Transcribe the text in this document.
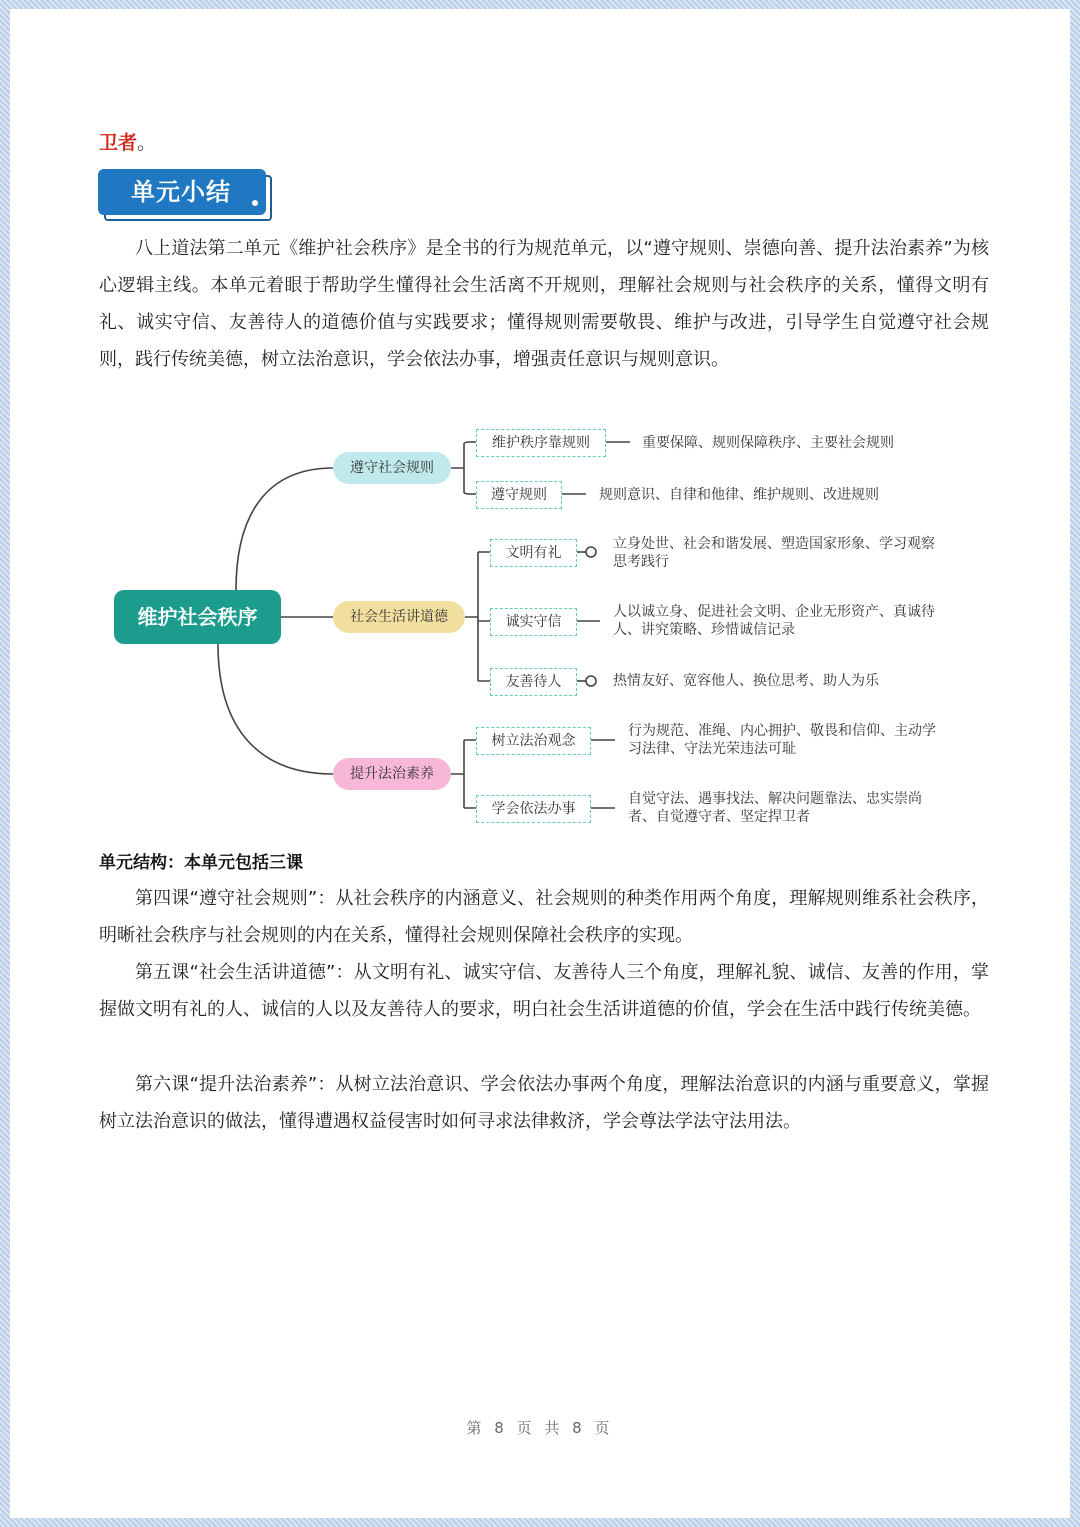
卫者。
单元小结
八上道法第二单元《维护社会秩序》是全书的行为规范单元，以“遵守规则、崇德向善、提升法治素养”为核心逻辑主线。本单元着眼于帮助学生懂得社会生活离不开规则，理解社会规则与社会秩序的关系，懂得文明有礼、诚实守信、友善待人的道德价值与实践要求；懂得规则需要敬畏、维护与改进，引导学生自觉遵守社会规则，践行传统美德，树立法治意识，学会依法办事，增强责任意识与规则意识。
维护社会秩序
遵守社会规则
社会生活讲道德
提升法治素养
维护秩序靠规则	重要保障、规则保障秩序、主要社会规则
遵守规则	规则意识、自律和他律、维护规则、改进规则
文明有礼
立身处世、社会和谐发展、塑造国家形象、学习观察思考践行
诚实守信
人以诚立身、促进社会文明、企业无形资产、真诚待人、讲究策略、珍惜诚信记录
友善待人	热情友好、宽容他人、换位思考、助人为乐
树立法治观念
行为规范、准绳、内心拥护、敬畏和信仰、主动学习法律、守法光荣违法可耻
学会依法办事
自觉守法、遇事找法、解决问题靠法、忠实崇尚者、自觉遵守者、坚定捍卫者
单元结构：本单元包括三课
第四课“遵守社会规则”：从社会秩序的内涵意义、社会规则的种类作用两个角度，理解规则维系社会秩序，明晰社会秩序与社会规则的内在关系，懂得社会规则保障社会秩序的实现。
第五课“社会生活讲道德”：从文明有礼、诚实守信、友善待人三个角度，理解礼貌、诚信、友善的作用，掌握做文明有礼的人、诚信的人以及友善待人的要求，明白社会生活讲道德的价值，学会在生活中践行传统美德。
第六课“提升法治素养”：从树立法治意识、学会依法办事两个角度，理解法治意识的内涵与重要意义，掌握树立法治意识的做法，懂得遭遇权益侵害时如何寻求法律救济，学会尊法学法守法用法。
第 8 页 共 8 页
